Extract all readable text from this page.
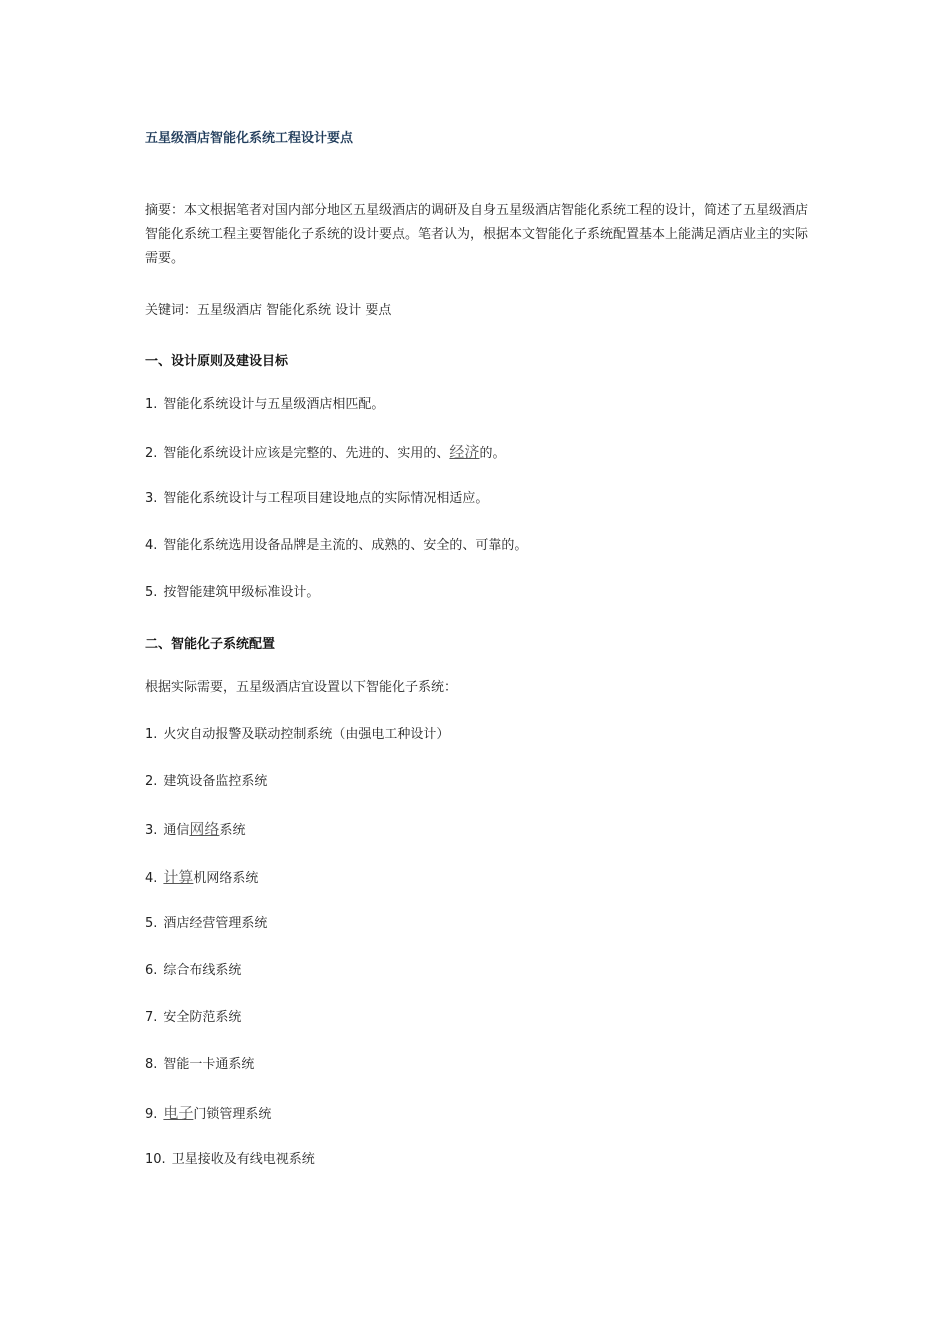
五星级酒店智能化系统工程设计要点
摘要：本文根据笔者对国内部分地区五星级酒店的调研及自身五星级酒店智能化系统工程的设计，简述了五星级酒店智能化系统工程主要智能化子系统的设计要点。笔者认为，根据本文智能化子系统配置基本上能满足酒店业主的实际需要。
关键词：五星级酒店 智能化系统 设计 要点
一、设计原则及建设目标
1. 智能化系统设计与五星级酒店相匹配。
2. 智能化系统设计应该是完整的、先进的、实用的、经济的。
3. 智能化系统设计与工程项目建设地点的实际情况相适应。
4. 智能化系统选用设备品牌是主流的、成熟的、安全的、可靠的。
5. 按智能建筑甲级标准设计。
二、智能化子系统配置
根据实际需要，五星级酒店宜设置以下智能化子系统：
1. 火灾自动报警及联动控制系统（由强电工种设计）
2. 建筑设备监控系统
3. 通信网络系统
4. 计算机网络系统
5. 酒店经营管理系统
6. 综合布线系统
7. 安全防范系统
8. 智能一卡通系统
9. 电子门锁管理系统
10. 卫星接收及有线电视系统
